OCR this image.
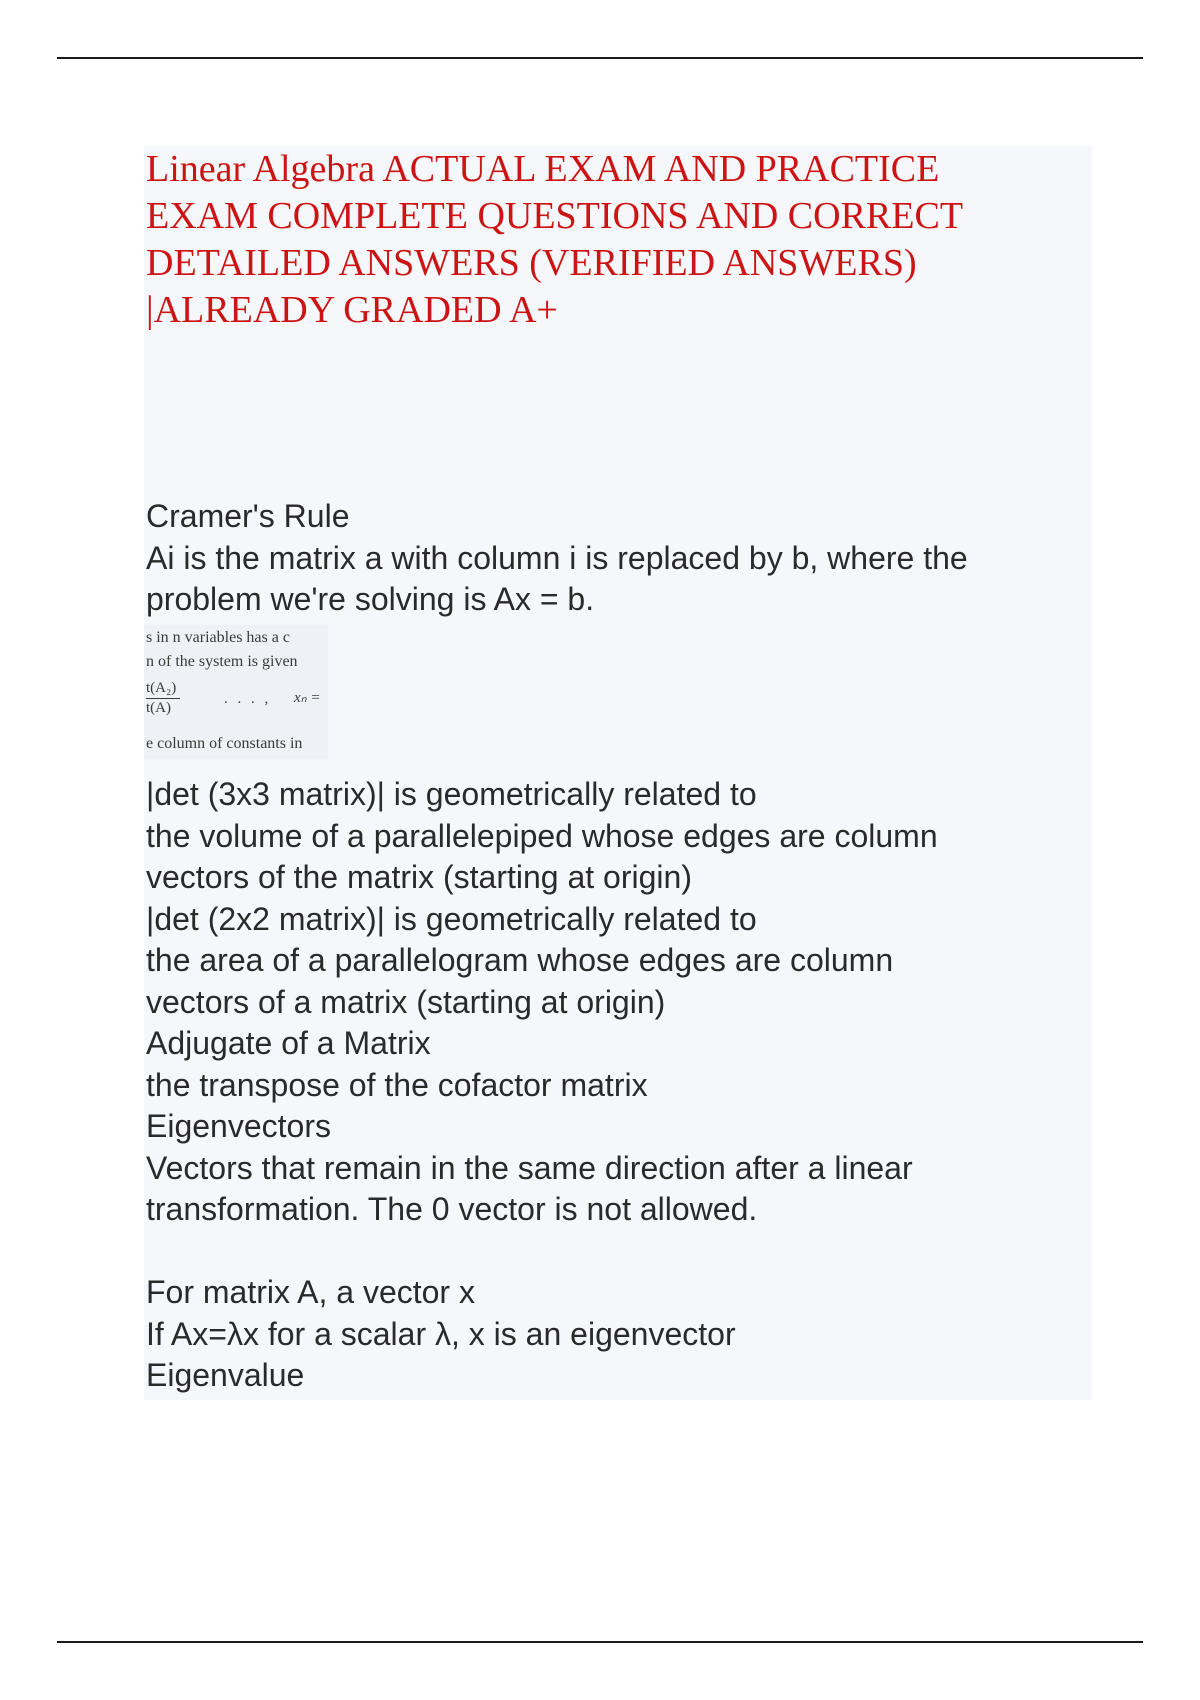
Linear Algebra ACTUAL EXAM AND PRACTICE
EXAM COMPLETE QUESTIONS AND CORRECT
DETAILED ANSWERS (VERIFIED ANSWERS)
|ALREADY GRADED A+
Cramer's Rule
Ai is the matrix a with column i is replaced by b, where the
problem we're solving is Ax = b.
s in n variables has a c
n of the system is given
$\frac{\text{t(A₂)}}{t(A)}$	. . . , xₙ =
e column of constants in
|det (3x3 matrix)| is geometrically related to
the volume of a parallelepiped whose edges are column
vectors of the matrix (starting at origin)
|det (2x2 matrix)| is geometrically related to
the area of a parallelogram whose edges are column
vectors of a matrix (starting at origin)
Adjugate of a Matrix
the transpose of the cofactor matrix
Eigenvectors
Vectors that remain in the same direction after a linear
transformation. The 0 vector is not allowed.

For matrix A, a vector x
If Ax=λx for a scalar λ, x is an eigenvector
Eigenvalue
